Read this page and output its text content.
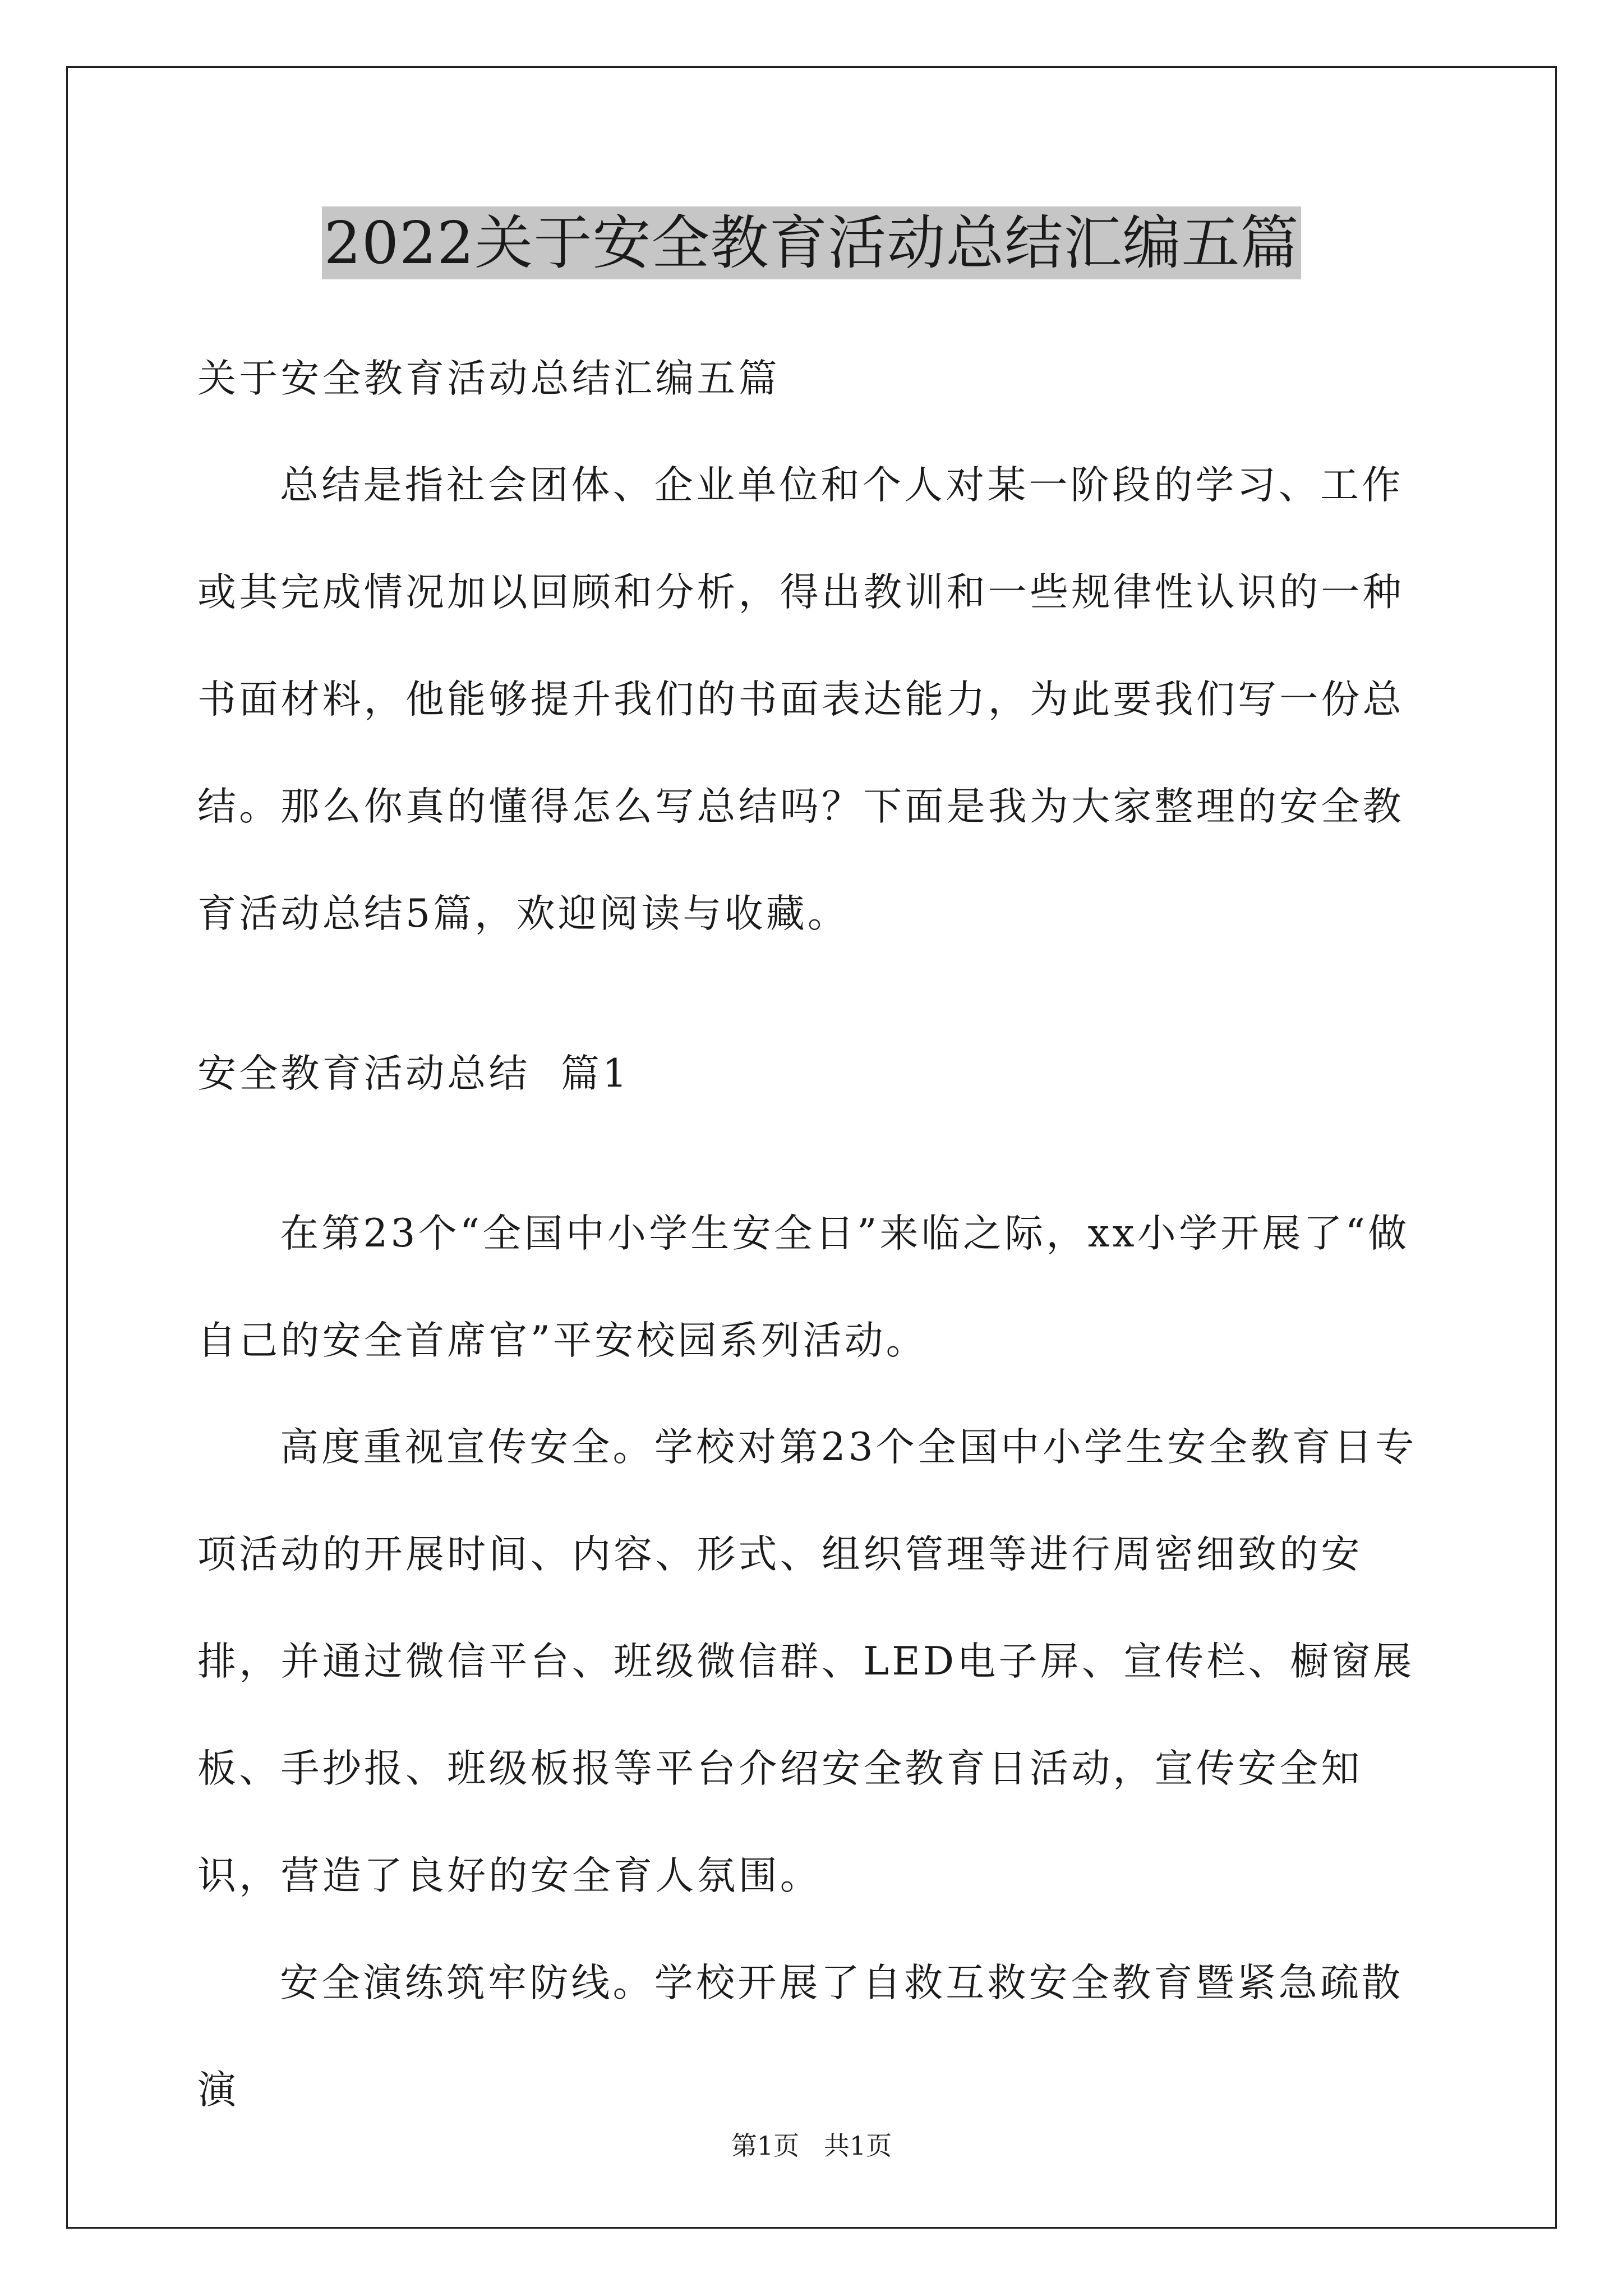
2022关于安全教育活动总结汇编五篇
关于安全教育活动总结汇编五篇
总结是指社会团体、企业单位和个人对某一阶段的学习、工作或其完成情况加以回顾和分析，得出教训和一些规律性认识的一种书面材料，他能够提升我们的书面表达能力，为此要我们写一份总结。那么你真的懂得怎么写总结吗？下面是我为大家整理的安全教育活动总结5篇，欢迎阅读与收藏。
安全教育活动总结  篇1
在第23个“全国中小学生安全日”来临之际，xx小学开展了“做自己的安全首席官”平安校园系列活动。
高度重视宣传安全。学校对第23个全国中小学生安全教育日专项活动的开展时间、内容、形式、组织管理等进行周密细致的安排，并通过微信平台、班级微信群、LED电子屏、宣传栏、橱窗展板、手抄报、班级板报等平台介绍安全教育日活动，宣传安全知识，营造了良好的安全育人氛围。
安全演练筑牢防线。学校开展了自救互救安全教育暨紧急疏散演
第1页   共1页
